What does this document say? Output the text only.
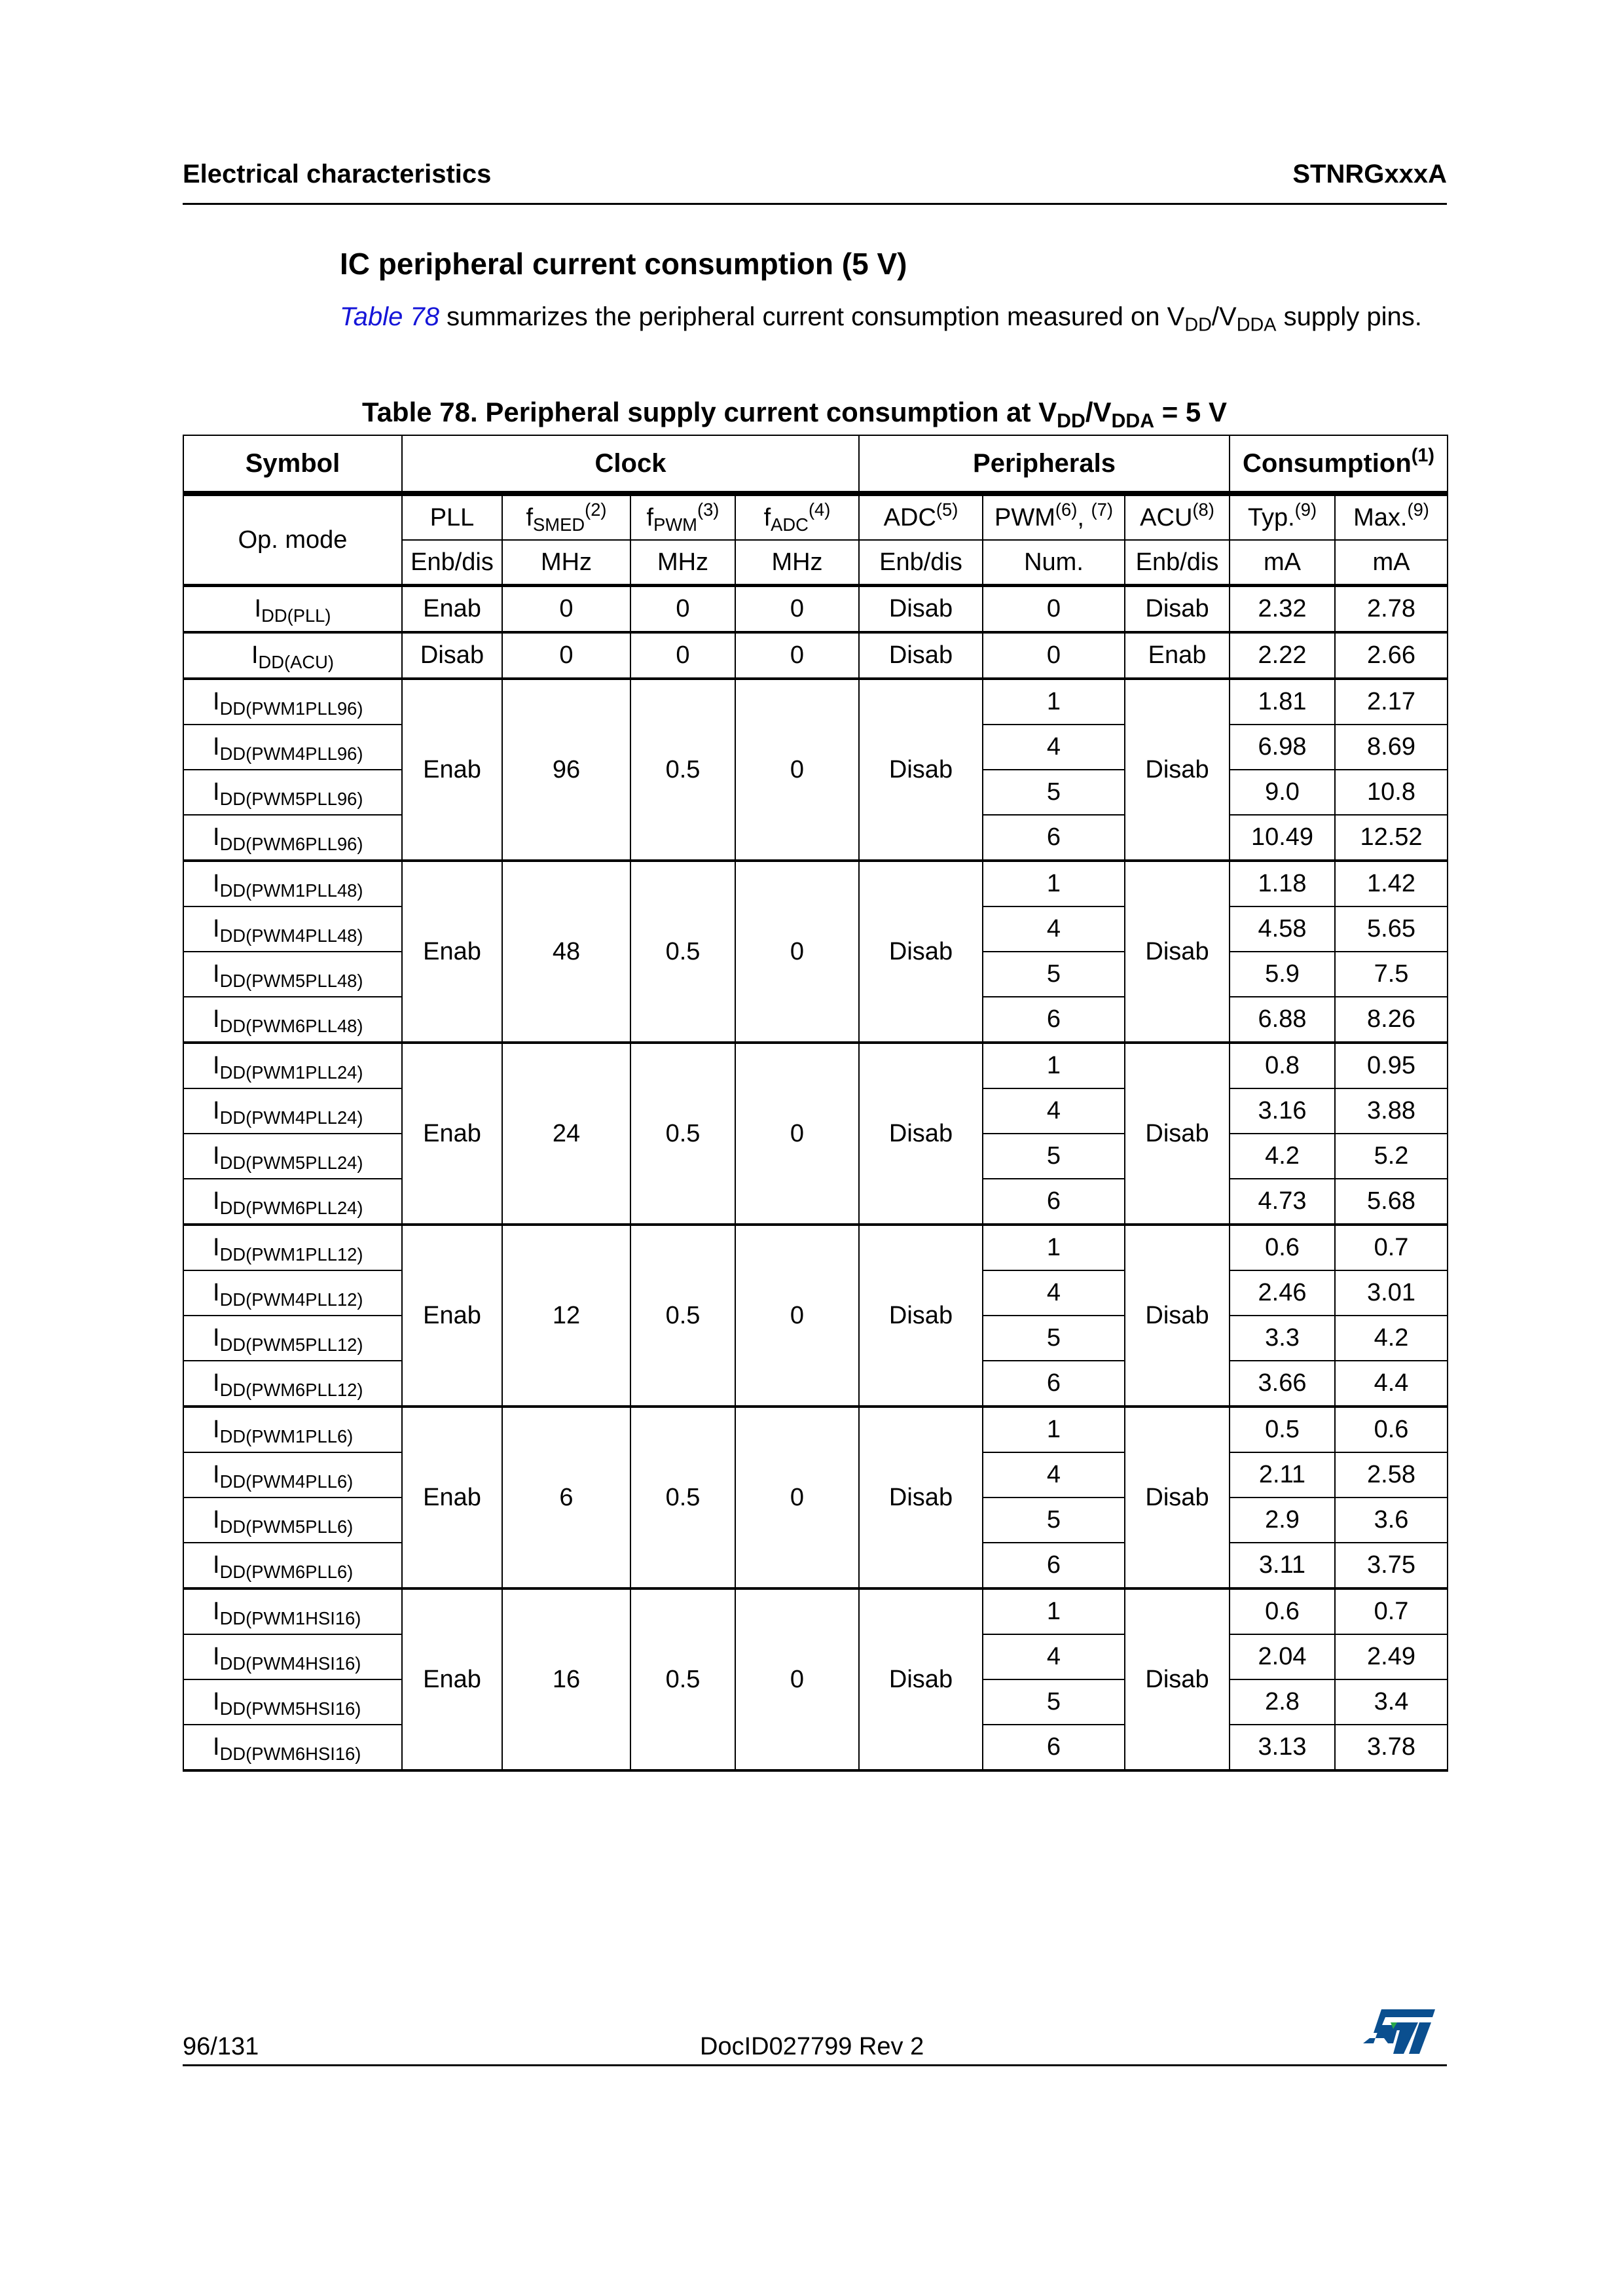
Electrical characteristics	STNRGxxxA
IC peripheral current consumption (5 V)
Table 78 summarizes the peripheral current consumption measured on $V_{DD}/V_{DDA}$ supply pins.
Table 78. Peripheral supply current consumption at $V_{DD}/V_{DDA} = 5$ V
Symbol	Clock				Peripherals			Consumption$^{(1)}$
Op. mode	PLL	$f_{SMED}^{(2)}$	$f_{PWM}^{(3)}$	$f_{ADC}^{(4)}$	ADC$^{(5)}$	PWM$^{(6)}$, $^{(7)}$	ACU$^{(8)}$	Typ.$^{(9)}$	Max.$^{(9)}$
	Enb/dis	MHz	MHz	MHz	Enb/dis	Num.	Enb/dis	mA	mA
$I_{DD(PLL)}$	Enab	0	0	0	Disab	0	Disab	2.32	2.78
$I_{DD(ACU)}$	Disab	0	0	0	Disab	0	Enab	2.22	2.66
$I_{DD(PWM1PLL96)}$	Enab	96	0.5	0	Disab	1	Disab	1.81	2.17
$I_{DD(PWM4PLL96)}$						4		6.98	8.69
$I_{DD(PWM5PLL96)}$						5		9.0	10.8
$I_{DD(PWM6PLL96)}$						6		10.49	12.52
$I_{DD(PWM1PLL48)}$	Enab	48	0.5	0	Disab	1	Disab	1.18	1.42
$I_{DD(PWM4PLL48)}$						4		4.58	5.65
$I_{DD(PWM5PLL48)}$						5		5.9	7.5
$I_{DD(PWM6PLL48)}$						6		6.88	8.26
$I_{DD(PWM1PLL24)}$	Enab	24	0.5	0	Disab	1	Disab	0.8	0.95
$I_{DD(PWM4PLL24)}$						4		3.16	3.88
$I_{DD(PWM5PLL24)}$						5		4.2	5.2
$I_{DD(PWM6PLL24)}$						6		4.73	5.68
$I_{DD(PWM1PLL12)}$	Enab	12	0.5	0	Disab	1	Disab	0.6	0.7
$I_{DD(PWM4PLL12)}$						4		2.46	3.01
$I_{DD(PWM5PLL12)}$						5		3.3	4.2
$I_{DD(PWM6PLL12)}$						6		3.66	4.4
$I_{DD(PWM1PLL6)}$	Enab	6	0.5	0	Disab	1	Disab	0.5	0.6
$I_{DD(PWM4PLL6)}$						4		2.11	2.58
$I_{DD(PWM5PLL6)}$						5		2.9	3.6
$I_{DD(PWM6PLL6)}$						6		3.11	3.75
$I_{DD(PWM1HSI16)}$	Enab	16	0.5	0	Disab	1	Disab	0.6	0.7
$I_{DD(PWM4HSI16)}$						4		2.04	2.49
$I_{DD(PWM5HSI16)}$						5		2.8	3.4
$I_{DD(PWM6HSI16)}$						6		3.13	3.78
96/131	DocID027799 Rev 2
